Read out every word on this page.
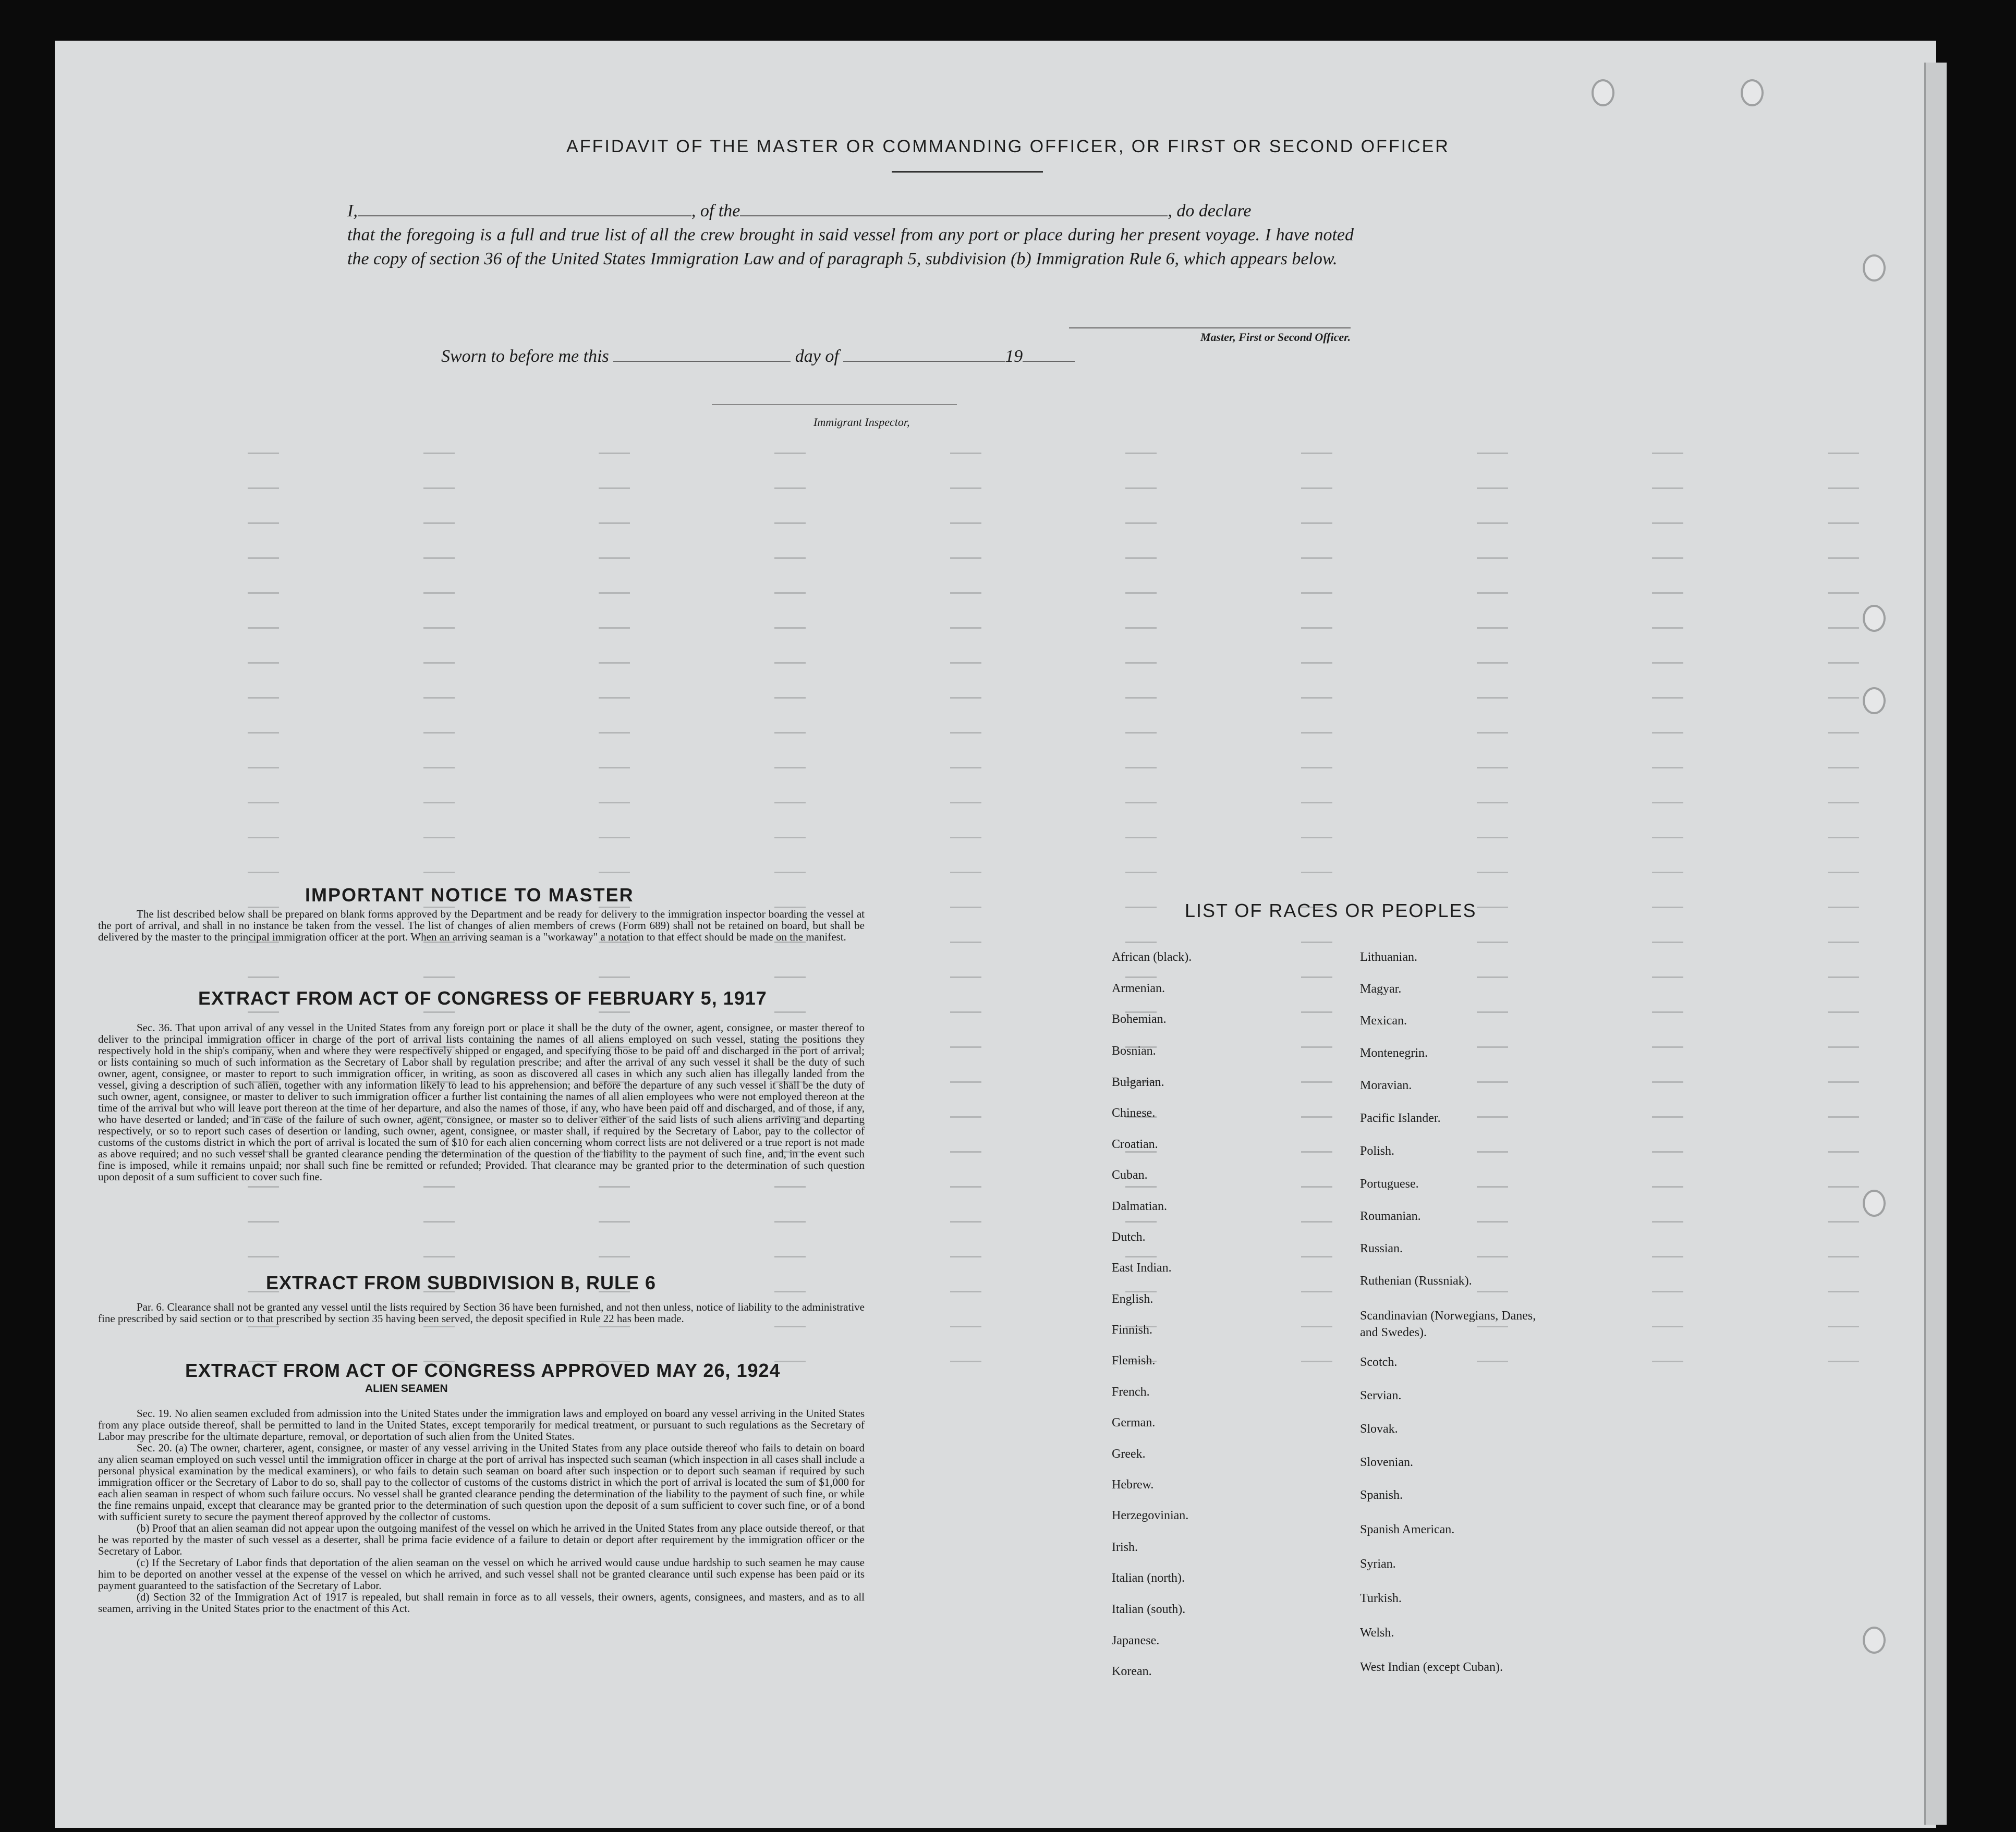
AFFIDAVIT OF THE MASTER OR COMMANDING OFFICER, OR FIRST OR SECOND OFFICER
I,	, of the	, do declare
that the foregoing is a full and true list of all the crew brought in said vessel from any port or place during her present voyage. I have noted the copy of section 36 of the United States Immigration Law and of paragraph 5, subdivision (b) Immigration Rule 6, which appears below.
Master, First or Second Officer.
Sworn to before me this	day of	19
Immigrant Inspector,
IMPORTANT NOTICE TO MASTER
The list described below shall be prepared on blank forms approved by the Department and be ready for delivery to the immigration inspector boarding the vessel at the port of arrival, and shall in no instance be taken from the vessel. The list of changes of alien members of crews (Form 689) shall not be retained on board, but shall be delivered by the master to the principal immigration officer at the port. When an arriving seaman is a "workaway" a notation to that effect should be made on the manifest.
EXTRACT FROM ACT OF CONGRESS OF FEBRUARY 5, 1917
Sec. 36. That upon arrival of any vessel in the United States from any foreign port or place it shall be the duty of the owner, agent, consignee, or master thereof to deliver to the principal immigration officer in charge of the port of arrival lists containing the names of all aliens employed on such vessel, stating the positions they respectively hold in the ship's company, when and where they were respectively shipped or engaged, and specifying those to be paid off and discharged in the port of arrival; or lists containing so much of such information as the Secretary of Labor shall by regulation prescribe; and after the arrival of any such vessel it shall be the duty of such owner, agent, consignee, or master to report to such immigration officer, in writing, as soon as discovered all cases in which any such alien has illegally landed from the vessel, giving a description of such alien, together with any information likely to lead to his apprehension; and before the departure of any such vessel it shall be the duty of such owner, agent, consignee, or master to deliver to such immigration officer a further list containing the names of all alien employees who were not employed thereon at the time of the arrival but who will leave port thereon at the time of her departure, and also the names of those, if any, who have been paid off and discharged, and of those, if any, who have deserted or landed; and in case of the failure of such owner, agent, consignee, or master so to deliver either of the said lists of such aliens arriving and departing respectively, or so to report such cases of desertion or landing, such owner, agent, consignee, or master shall, if required by the Secretary of Labor, pay to the collector of customs of the customs district in which the port of arrival is located the sum of $10 for each alien concerning whom correct lists are not delivered or a true report is not made as above required; and no such vessel shall be granted clearance pending the determination of the question of the liability to the payment of such fine, and, in the event such fine is imposed, while it remains unpaid; nor shall such fine be remitted or refunded; Provided. That clearance may be granted prior to the determination of such question upon deposit of a sum sufficient to cover such fine.
EXTRACT FROM SUBDIVISION B, RULE 6
Par. 6. Clearance shall not be granted any vessel until the lists required by Section 36 have been furnished, and not then unless, notice of liability to the administrative fine prescribed by said section or to that prescribed by section 35 having been served, the deposit specified in Rule 22 has been made.
EXTRACT FROM ACT OF CONGRESS APPROVED MAY 26, 1924
ALIEN SEAMEN

Sec. 19. No alien seamen excluded from admission into the United States under the immigration laws and employed on board any vessel arriving in the United States from any place outside thereof, shall be permitted to land in the United States, except temporarily for medical treatment, or pursuant to such regulations as the Secretary of Labor may prescribe for the ultimate departure, removal, or deportation of such alien from the United States.

Sec. 20. (a) The owner, charterer, agent, consignee, or master of any vessel arriving in the United States from any place outside thereof who fails to detain on board any alien seaman employed on such vessel until the immigration officer in charge at the port of arrival has inspected such seaman (which inspection in all cases shall include a personal physical examination by the medical examiners), or who fails to detain such seaman on board after such inspection or to deport such seaman if required by such immigration officer or the Secretary of Labor to do so, shall pay to the collector of customs of the customs district in which the port of arrival is located the sum of $1,000 for each alien seaman in respect of whom such failure occurs. No vessel shall be granted clearance pending the determination of the liability to the payment of such fine, or while the fine remains unpaid, except that clearance may be granted prior to the determination of such question upon the deposit of a sum sufficient to cover such fine, or of a bond with sufficient surety to secure the payment thereof approved by the collector of customs.

(b) Proof that an alien seaman did not appear upon the outgoing manifest of the vessel on which he arrived in the United States from any place outside thereof, or that he was reported by the master of such vessel as a deserter, shall be prima facie evidence of a failure to detain or deport after requirement by the immigration officer or the Secretary of Labor.

(c) If the Secretary of Labor finds that deportation of the alien seaman on the vessel on which he arrived would cause undue hardship to such seamen he may cause him to be deported on another vessel at the expense of the vessel on which he arrived, and such vessel shall not be granted clearance until such expense has been paid or its payment guaranteed to the satisfaction of the Secretary of Labor.

(d) Section 32 of the Immigration Act of 1917 is repealed, but shall remain in force as to all vessels, their owners, agents, consignees, and masters, and as to all seamen, arriving in the United States prior to the enactment of this Act.

LIST OF RACES OR PEOPLES
African (black).
Armenian.
Bohemian.
Bosnian.
Bulgarian.
Chinese.
Croatian.
Cuban.
Dalmatian.
Dutch.
East Indian.
English.
Finnish.
Flemish.
French.
German.
Greek.
Hebrew.
Herzegovinian.
Irish.
Italian (north).
Italian (south).
Japanese.
Korean.
Lithuanian.
Magyar.
Mexican.
Montenegrin.
Moravian.
Pacific Islander.
Polish.
Portuguese.
Roumanian.
Russian.
Ruthenian (Russniak).
Scandinavian (Norwegians, Danes, and Swedes).
Scotch.
Servian.
Slovak.
Slovenian.
Spanish.
Spanish American.
Syrian.
Turkish.
Welsh.
West Indian (except Cuban).
